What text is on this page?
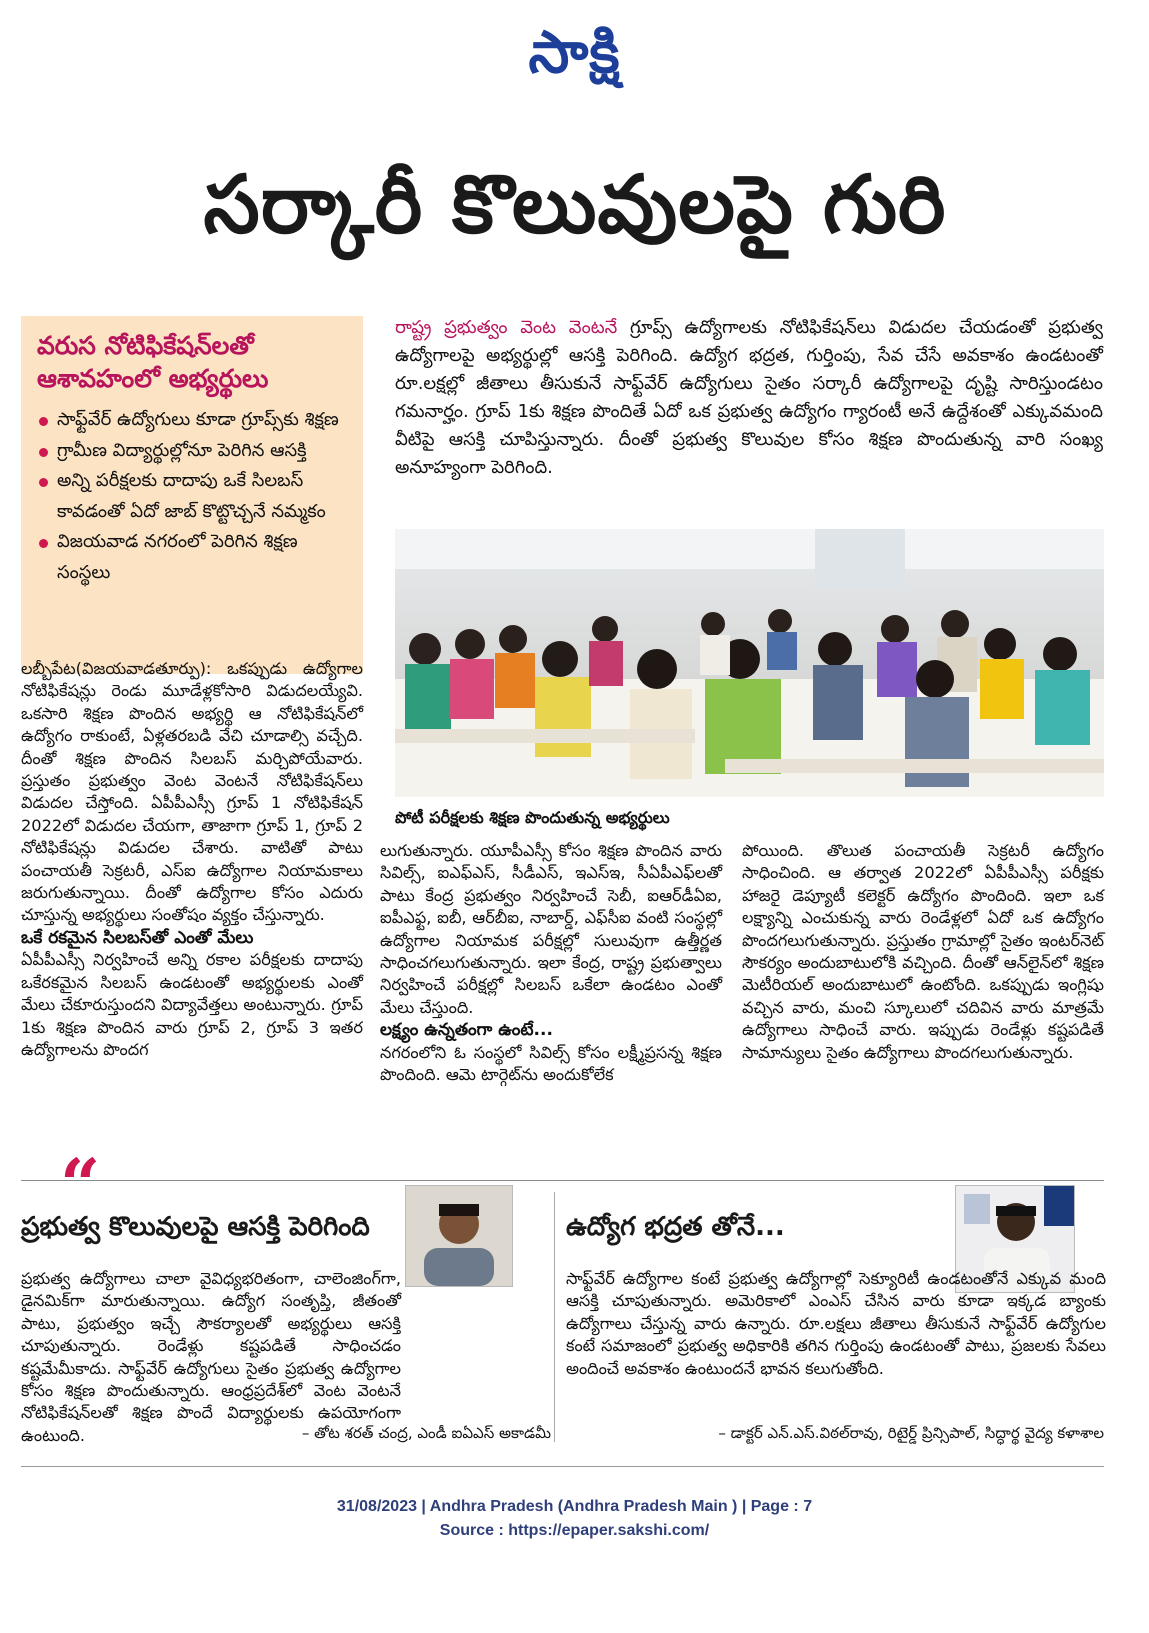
సాక్షి
సర్కారీ కొలువులపై గురి
వరుస నోటిఫికేషన్‌లతో ఆశావహంలో అభ్యర్థులు
సాఫ్ట్‌వేర్ ఉద్యోగులు కూడా గ్రూప్స్‌కు శిక్షణ
గ్రామీణ విద్యార్థుల్లోనూ పెరిగిన ఆసక్తి
అన్ని పరీక్షలకు దాదాపు ఒకే సిలబస్ కావడంతో ఏదో జాబ్ కొట్టొచ్చనే నమ్మకం
విజయవాడ నగరంలో పెరిగిన శిక్షణ సంస్థలు
రాష్ట్ర ప్రభుత్వం వెంట వెంటనే గ్రూప్స్ ఉద్యోగాలకు నోటిఫికేషన్‌లు విడుదల చేయడంతో ప్రభుత్వ ఉద్యోగాలపై అభ్యర్థుల్లో ఆసక్తి పెరిగింది. ఉద్యోగ భద్రత, గుర్తింపు, సేవ చేసే అవకాశం ఉండటంతో రూ.లక్షల్లో జీతాలు తీసుకునే సాఫ్ట్‌వేర్ ఉద్యోగులు సైతం సర్కారీ ఉద్యోగాలపై దృష్టి సారిస్తుండటం గమనార్హం. గ్రూప్ 1కు శిక్షణ పొందితే ఏదో ఒక ప్రభుత్వ ఉద్యోగం గ్యారంటీ అనే ఉద్దేశంతో ఎక్కువమంది వీటిపై ఆసక్తి చూపిస్తున్నారు. దీంతో ప్రభుత్వ కొలువుల కోసం శిక్షణ పొందుతున్న వారి సంఖ్య అనూహ్యంగా పెరిగింది.
పోటీ పరీక్షలకు శిక్షణ పొందుతున్న అభ్యర్థులు

లబ్బీపేట(విజయవాడతూర్పు): ఒకప్పుడు ఉద్యోగాల నోటిఫికేషన్లు రెండు మూడేళ్లకోసారి విడుదలయ్యేవి. ఒకసారి శిక్షణ పొందిన అభ్యర్థి ఆ నోటిఫికేషన్‌లో ఉద్యోగం రాకుంటే, ఏళ్లతరబడి వేచి చూడాల్సి వచ్చేది. దీంతో శిక్షణ పొందిన సిలబస్ మర్చిపోయేవారు. ప్రస్తుతం ప్రభుత్వం వెంట వెంటనే నోటిఫికేషన్‌లు విడుదల చేస్తోంది. ఏపీపీఎస్సీ గ్రూప్ 1 నోటిఫికేషన్ 2022లో విడుదల చేయగా, తాజాగా గ్రూప్ 1, గ్రూప్ 2 నోటిఫికేషన్లు విడుదల చేశారు. వాటితో పాటు పంచాయతీ సెక్రటరీ, ఎస్‌ఐ ఉద్యోగాల నియామకాలు జరుగుతున్నాయి. దీంతో ఉద్యోగాల కోసం ఎదురు చూస్తున్న అభ్యర్థులు సంతోషం వ్యక్తం చేస్తున్నారు.

ఒకే రకమైన సిలబస్‌తో ఎంతో మేలు

ఏపీపీఎస్సీ నిర్వహించే అన్ని రకాల పరీక్షలకు దాదాపు ఒకేరకమైన సిలబస్ ఉండటంతో అభ్యర్థులకు ఎంతో మేలు చేకూరుస్తుందని విద్యావేత్తలు అంటున్నారు. గ్రూప్ 1కు శిక్షణ పొందిన వారు గ్రూప్ 2, గ్రూప్ 3 ఇతర ఉద్యోగాలను పొందగ

లుగుతున్నారు. యూపీఎస్సీ కోసం శిక్షణ పొందిన వారు సివిల్స్, ఐఎఫ్‌ఎస్, సీడీఎస్, ఇఎస్ఇ, సీఏపీఎఫ్‌లతో పాటు కేంద్ర ప్రభుత్వం నిర్వహించే సెబీ, ఐఆర్‌డీఏఐ, ఐపీఎఫ్ట, ఐబీ, ఆర్‌బీఐ, నాబార్డ్, ఎఫ్‌సీఐ వంటి సంస్థల్లో ఉద్యోగాల నియామక పరీక్షల్లో సులువుగా ఉత్తీర్ణత సాధించగలుగుతున్నారు. ఇలా కేంద్ర, రాష్ట్ర ప్రభుత్వాలు నిర్వహించే పరీక్షల్లో సిలబస్ ఒకేలా ఉండటం ఎంతో మేలు చేస్తుంది.

లక్ష్యం ఉన్నతంగా ఉంటే...

నగరంలోని ఓ సంస్థలో సివిల్స్ కోసం లక్ష్మీప్రసన్న శిక్షణ పొందింది. ఆమె టార్గెట్‌ను అందుకోలేక

పోయింది. తొలుత పంచాయతీ సెక్రటరీ ఉద్యోగం సాధించింది. ఆ తర్వాత 2022లో ఏపీపీఎస్సీ పరీక్షకు హాజరై డెప్యూటీ కలెక్టర్ ఉద్యోగం పొందింది. ఇలా ఒక లక్ష్యాన్ని ఎంచుకున్న వారు రెండేళ్లలో ఏదో ఒక ఉద్యోగం పొందగలుగుతున్నారు. ప్రస్తుతం గ్రామాల్లో సైతం ఇంటర్‌నెట్ సౌకర్యం అందుబాటులోకి వచ్చింది. దీంతో ఆన్‌లైన్‌లో శిక్షణ మెటీరియల్ అందుబాటులో ఉంటోంది. ఒకప్పుడు ఇంగ్లిషు వచ్చిన వారు, మంచి స్కూలులో చదివిన వారు మాత్రమే ఉద్యోగాలు సాధించే వారు. ఇప్పుడు రెండేళ్లు కష్టపడితే సామాన్యులు సైతం ఉద్యోగాలు పొందగలుగుతున్నారు.

“
ప్రభుత్వ కొలువులపై ఆసక్తి పెరిగింది
ప్రభుత్వ ఉద్యోగాలు చాలా వైవిధ్యభరితంగా, చాలెంజింగ్‌గా, డైనమిక్‌గా మారుతున్నాయి. ఉద్యోగ సంతృప్తి, జీతంతో పాటు, ప్రభుత్వం ఇచ్చే సౌకర్యాలతో అభ్యర్థులు ఆసక్తి చూపుతున్నారు. రెండేళ్లు కష్టపడితే సాధించడం కష్టమేమీకాదు. సాఫ్ట్‌వేర్ ఉద్యోగులు సైతం ప్రభుత్వ ఉద్యోగాల కోసం శిక్షణ పొందుతున్నారు. ఆంధ్రప్రదేశ్‌లో వెంట వెంటనే నోటిఫికేషన్‌లతో శిక్షణ పొందే విద్యార్థులకు ఉపయోగంగా ఉంటుంది.	– తోట శరత్ చంద్ర, ఎండీ ఐఏఎస్ అకాడమీ
ఉద్యోగ భద్రత తోనే...
సాఫ్ట్‌వేర్ ఉద్యోగాల కంటే ప్రభుత్వ ఉద్యోగాల్లో సెక్యూరిటీ ఉండటంతోనే ఎక్కువ మంది ఆసక్తి చూపుతున్నారు. అమెరికాలో ఎంఎస్ చేసిన వారు కూడా ఇక్కడ బ్యాంకు ఉద్యోగాలు చేస్తున్న వారు ఉన్నారు. రూ.లక్షలు జీతాలు తీసుకునే సాఫ్ట్‌వేర్ ఉద్యోగుల కంటే సమాజంలో ప్రభుత్వ అధికారికి తగిన గుర్తింపు ఉండటంతో పాటు, ప్రజలకు సేవలు అందించే అవకాశం ఉంటుందనే భావన కలుగుతోంది.
– డాక్టర్ ఎన్.ఎస్.విఠల్‌రావు, రిటైర్డ్ ప్రిన్సిపాల్, సిద్ధార్థ వైద్య కళాశాల
31/08/2023 | Andhra Pradesh (Andhra Pradesh Main ) | Page : 7
Source : https://epaper.sakshi.com/
